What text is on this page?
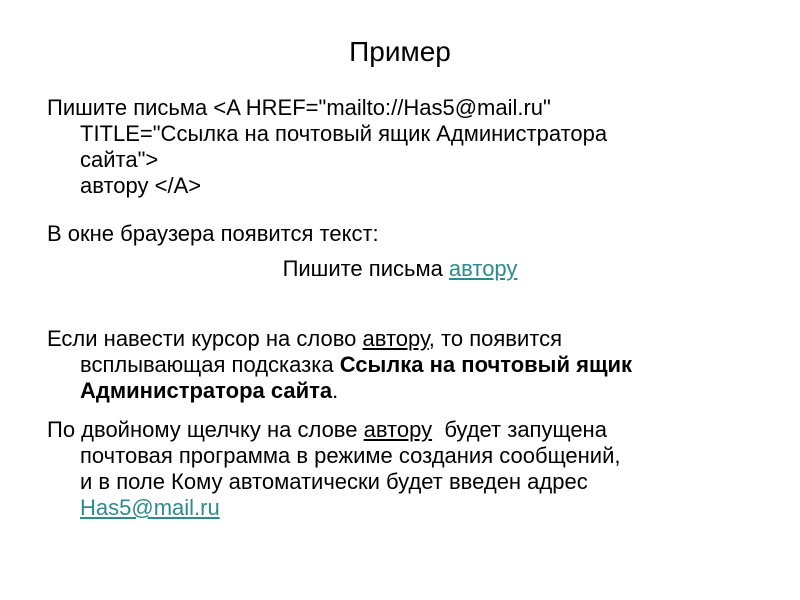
Пример
Пишите письма <A HREF="mailto://Has5@mail.ru"
TITLE="Ссылка на почтовый ящик Администратора
сайта">
автору </A>
В окне браузера появится текст:
Пишите письма автору
Если навести курсор на слово автору, то появится
всплывающая подсказка Ссылка на почтовый ящик
Администратора сайта.
По двойному щелчку на слове автору  будет запущена
почтовая программа в режиме создания сообщений,
и в поле Кому автоматически будет введен адрес
Has5@mail.ru
